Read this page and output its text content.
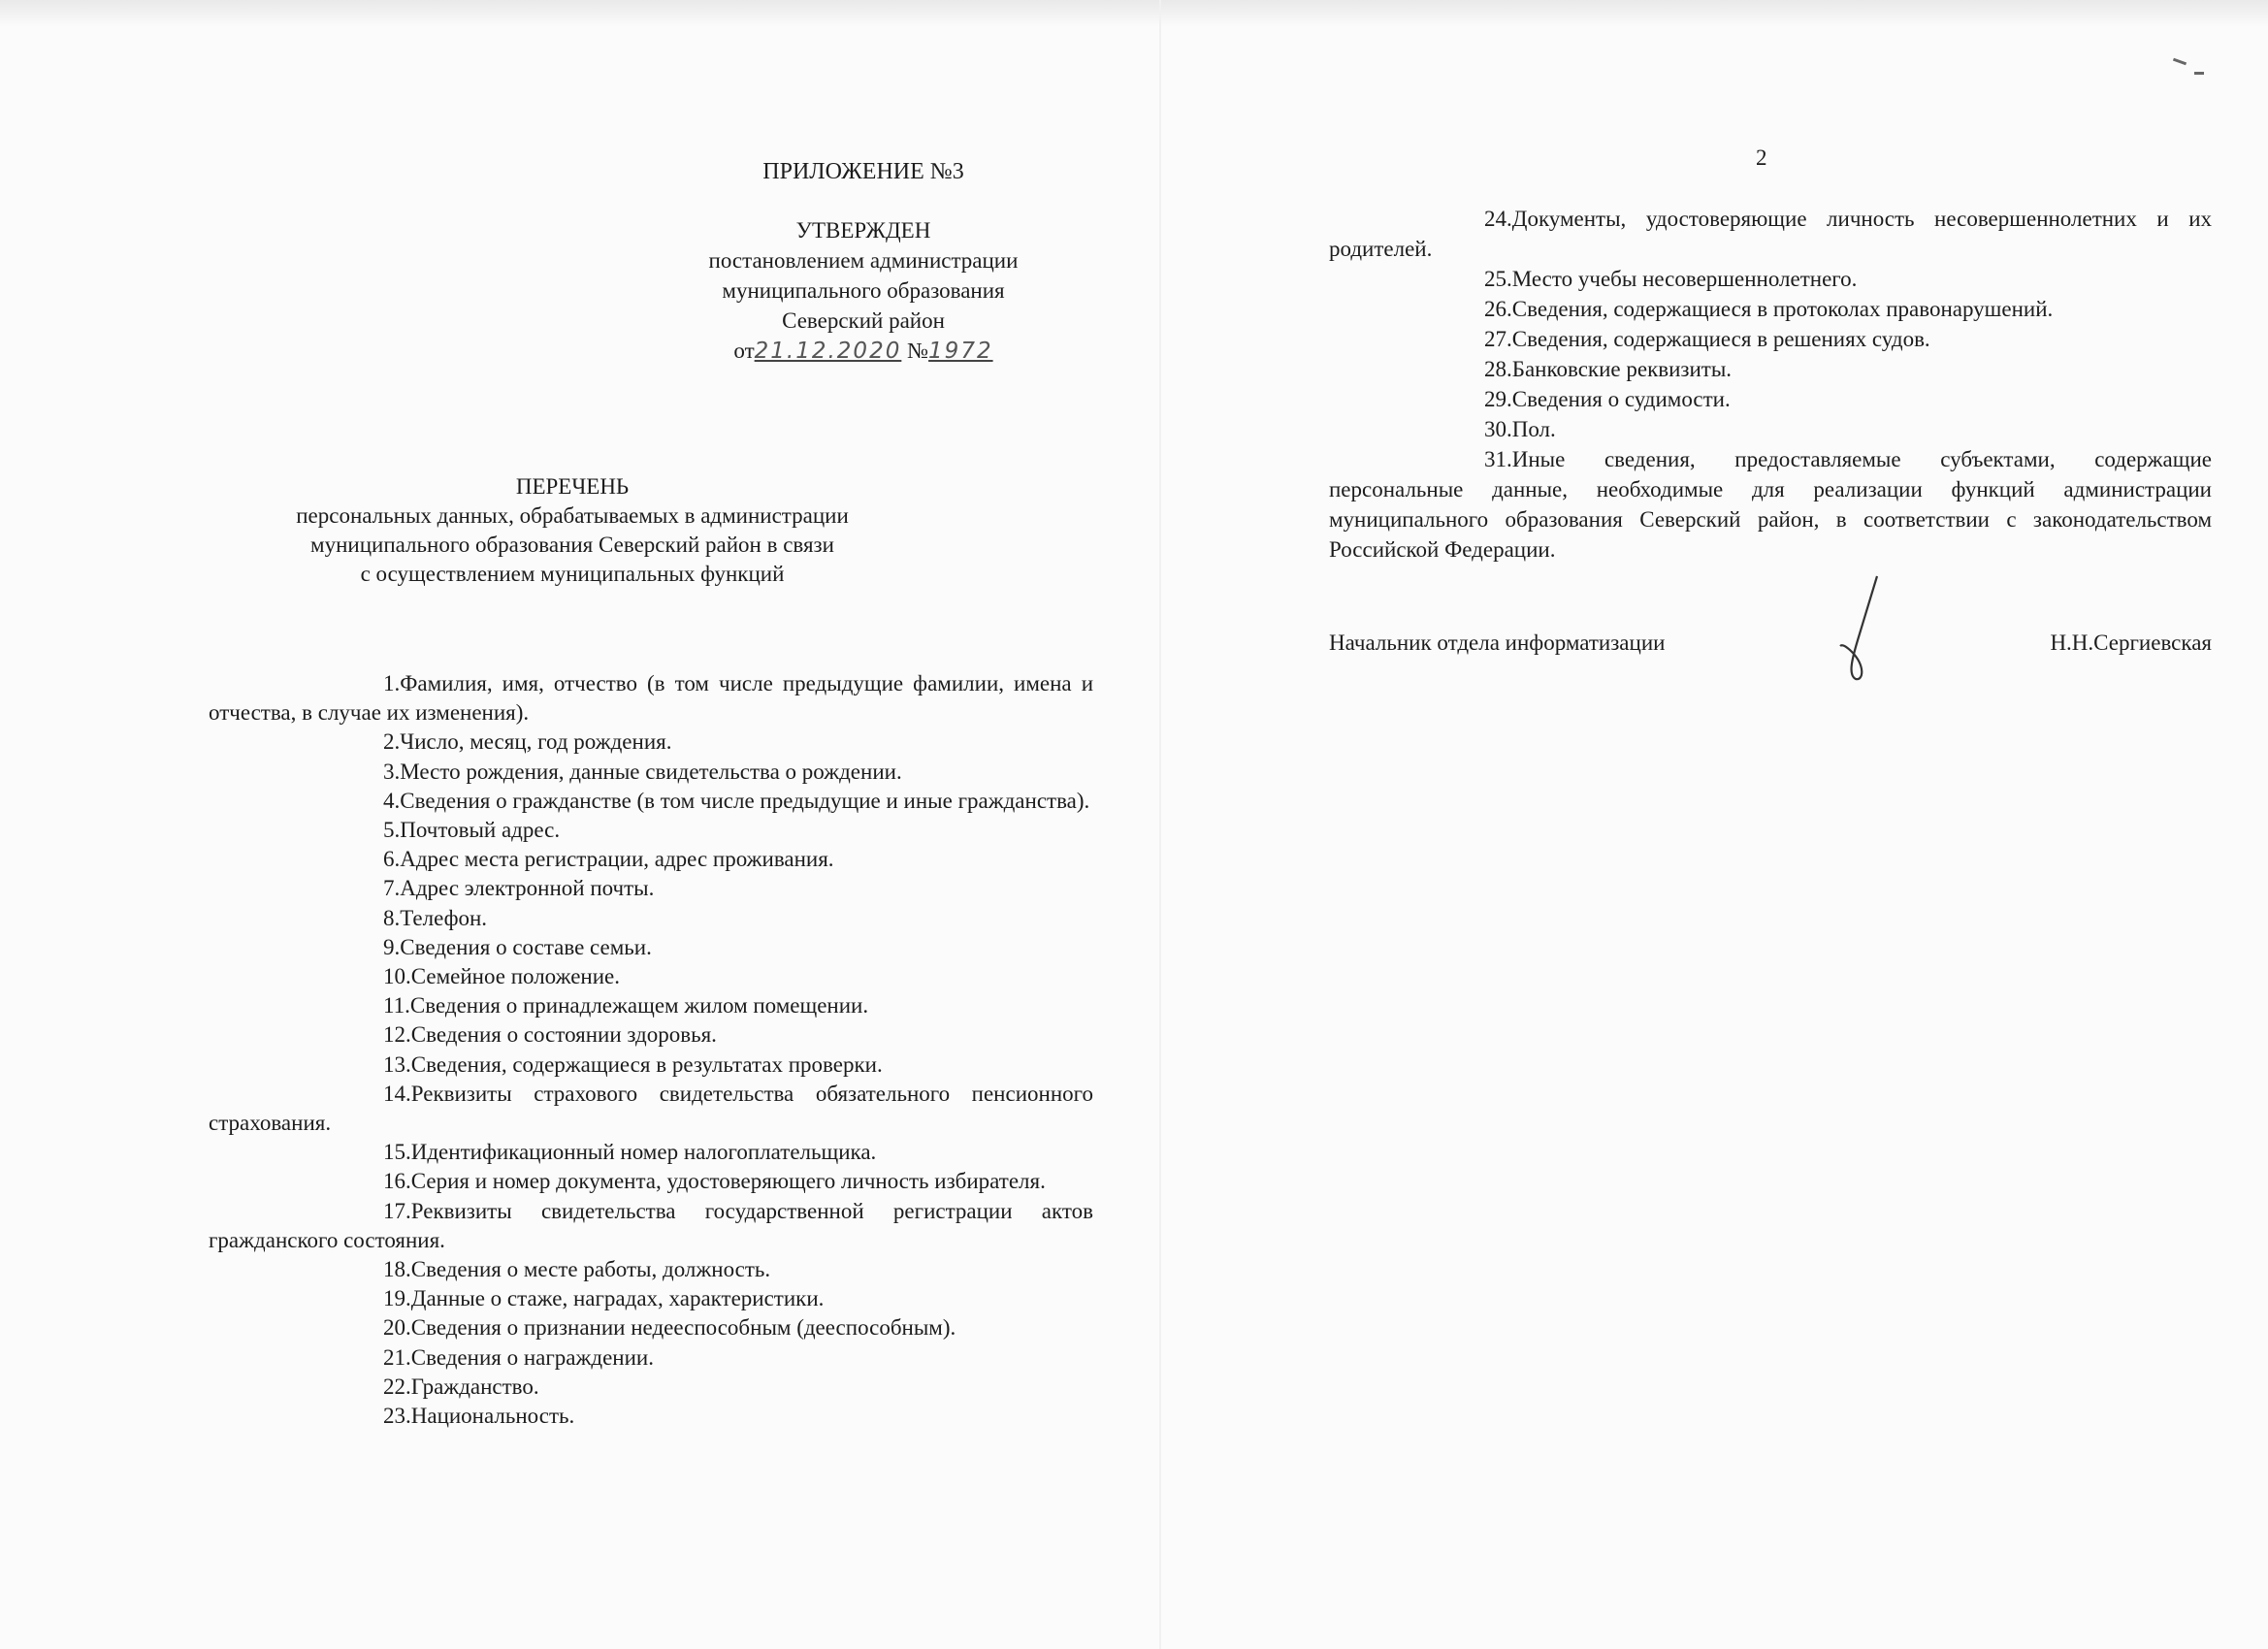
ПРИЛОЖЕНИЕ №3
УТВЕРЖДЕН
постановлением администрации
муниципального образования
Северский район
от21.12.2020 №1972
ПЕРЕЧЕНЬ
персональных данных, обрабатываемых в администрации
муниципального образования Северский район в связи
с осуществлением муниципальных функций

1.Фамилия, имя, отчество (в том числе предыдущие фамилии, имена и отчества, в случае их изменения).

2.Число, месяц, год рождения.

3.Место рождения, данные свидетельства о рождении.

4.Сведения о гражданстве (в том числе предыдущие и иные гражданства).

5.Почтовый адрес.

6.Адрес места регистрации, адрес проживания.

7.Адрес электронной почты.

8.Телефон.

9.Сведения о составе семьи.

10.Семейное положение.

11.Сведения о принадлежащем жилом помещении.

12.Сведения о состоянии здоровья.

13.Сведения, содержащиеся в результатах проверки.

14.Реквизиты страхового свидетельства обязательного пенсионного страхования.

15.Идентификационный номер налогоплательщика.

16.Серия и номер документа, удостоверяющего личность избирателя.

17.Реквизиты свидетельства государственной регистрации актов гражданского состояния.

18.Сведения о месте работы, должность.

19.Данные о стаже, наградах, характеристики.

20.Сведения о признании недееспособным (дееспособным).

21.Сведения о награждении.

22.Гражданство.

23.Национальность.

2

24.Документы, удостоверяющие личность несовершеннолетних и их родителей.

25.Место учебы несовершеннолетнего.

26.Сведения, содержащиеся в протоколах правонарушений.

27.Сведения, содержащиеся в решениях судов.

28.Банковские реквизиты.

29.Сведения о судимости.

30.Пол.

31.Иные сведения, предоставляемые субъектами, содержащие персональные данные, необходимые для реализации функций администрации муниципального образования Северский район, в соответствии с законодательством Российской Федерации.

Начальник отдела информатизации	Н.Н.Сергиевская
